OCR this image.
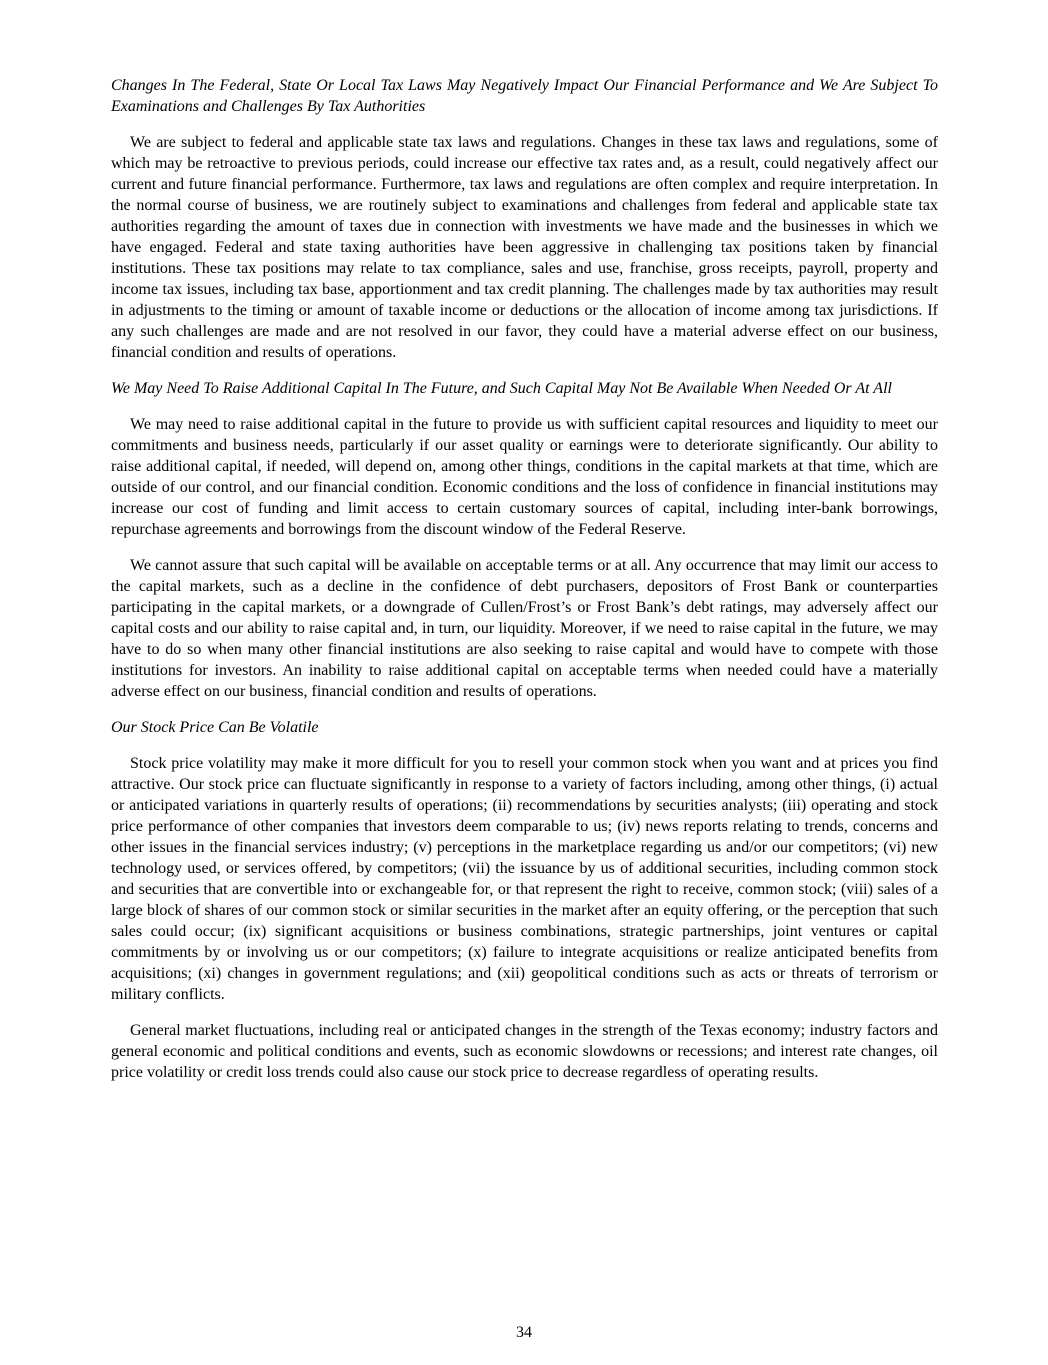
Changes In The Federal, State Or Local Tax Laws May Negatively Impact Our Financial Performance and We Are Subject To Examinations and Challenges By Tax Authorities

We are subject to federal and applicable state tax laws and regulations. Changes in these tax laws and regulations, some of which may be retroactive to previous periods, could increase our effective tax rates and, as a result, could negatively affect our current and future financial performance. Furthermore, tax laws and regulations are often complex and require interpretation. In the normal course of business, we are routinely subject to examinations and challenges from federal and applicable state tax authorities regarding the amount of taxes due in connection with investments we have made and the businesses in which we have engaged. Federal and state taxing authorities have been aggressive in challenging tax positions taken by financial institutions. These tax positions may relate to tax compliance, sales and use, franchise, gross receipts, payroll, property and income tax issues, including tax base, apportionment and tax credit planning. The challenges made by tax authorities may result in adjustments to the timing or amount of taxable income or deductions or the allocation of income among tax jurisdictions. If any such challenges are made and are not resolved in our favor, they could have a material adverse effect on our business, financial condition and results of operations.

We May Need To Raise Additional Capital In The Future, and Such Capital May Not Be Available When Needed Or At All

We may need to raise additional capital in the future to provide us with sufficient capital resources and liquidity to meet our commitments and business needs, particularly if our asset quality or earnings were to deteriorate significantly. Our ability to raise additional capital, if needed, will depend on, among other things, conditions in the capital markets at that time, which are outside of our control, and our financial condition. Economic conditions and the loss of confidence in financial institutions may increase our cost of funding and limit access to certain customary sources of capital, including inter-bank borrowings, repurchase agreements and borrowings from the discount window of the Federal Reserve.

We cannot assure that such capital will be available on acceptable terms or at all. Any occurrence that may limit our access to the capital markets, such as a decline in the confidence of debt purchasers, depositors of Frost Bank or counterparties participating in the capital markets, or a downgrade of Cullen/Frost’s or Frost Bank’s debt ratings, may adversely affect our capital costs and our ability to raise capital and, in turn, our liquidity. Moreover, if we need to raise capital in the future, we may have to do so when many other financial institutions are also seeking to raise capital and would have to compete with those institutions for investors. An inability to raise additional capital on acceptable terms when needed could have a materially adverse effect on our business, financial condition and results of operations.

Our Stock Price Can Be Volatile

Stock price volatility may make it more difficult for you to resell your common stock when you want and at prices you find attractive. Our stock price can fluctuate significantly in response to a variety of factors including, among other things, (i) actual or anticipated variations in quarterly results of operations; (ii) recommendations by securities analysts; (iii) operating and stock price performance of other companies that investors deem comparable to us; (iv) news reports relating to trends, concerns and other issues in the financial services industry; (v) perceptions in the marketplace regarding us and/or our competitors; (vi) new technology used, or services offered, by competitors; (vii) the issuance by us of additional securities, including common stock and securities that are convertible into or exchangeable for, or that represent the right to receive, common stock; (viii) sales of a large block of shares of our common stock or similar securities in the market after an equity offering, or the perception that such sales could occur; (ix) significant acquisitions or business combinations, strategic partnerships, joint ventures or capital commitments by or involving us or our competitors; (x) failure to integrate acquisitions or realize anticipated benefits from acquisitions; (xi) changes in government regulations; and (xii) geopolitical conditions such as acts or threats of terrorism or military conflicts.

General market fluctuations, including real or anticipated changes in the strength of the Texas economy; industry factors and general economic and political conditions and events, such as economic slowdowns or recessions; and interest rate changes, oil price volatility or credit loss trends could also cause our stock price to decrease regardless of operating results.

34
